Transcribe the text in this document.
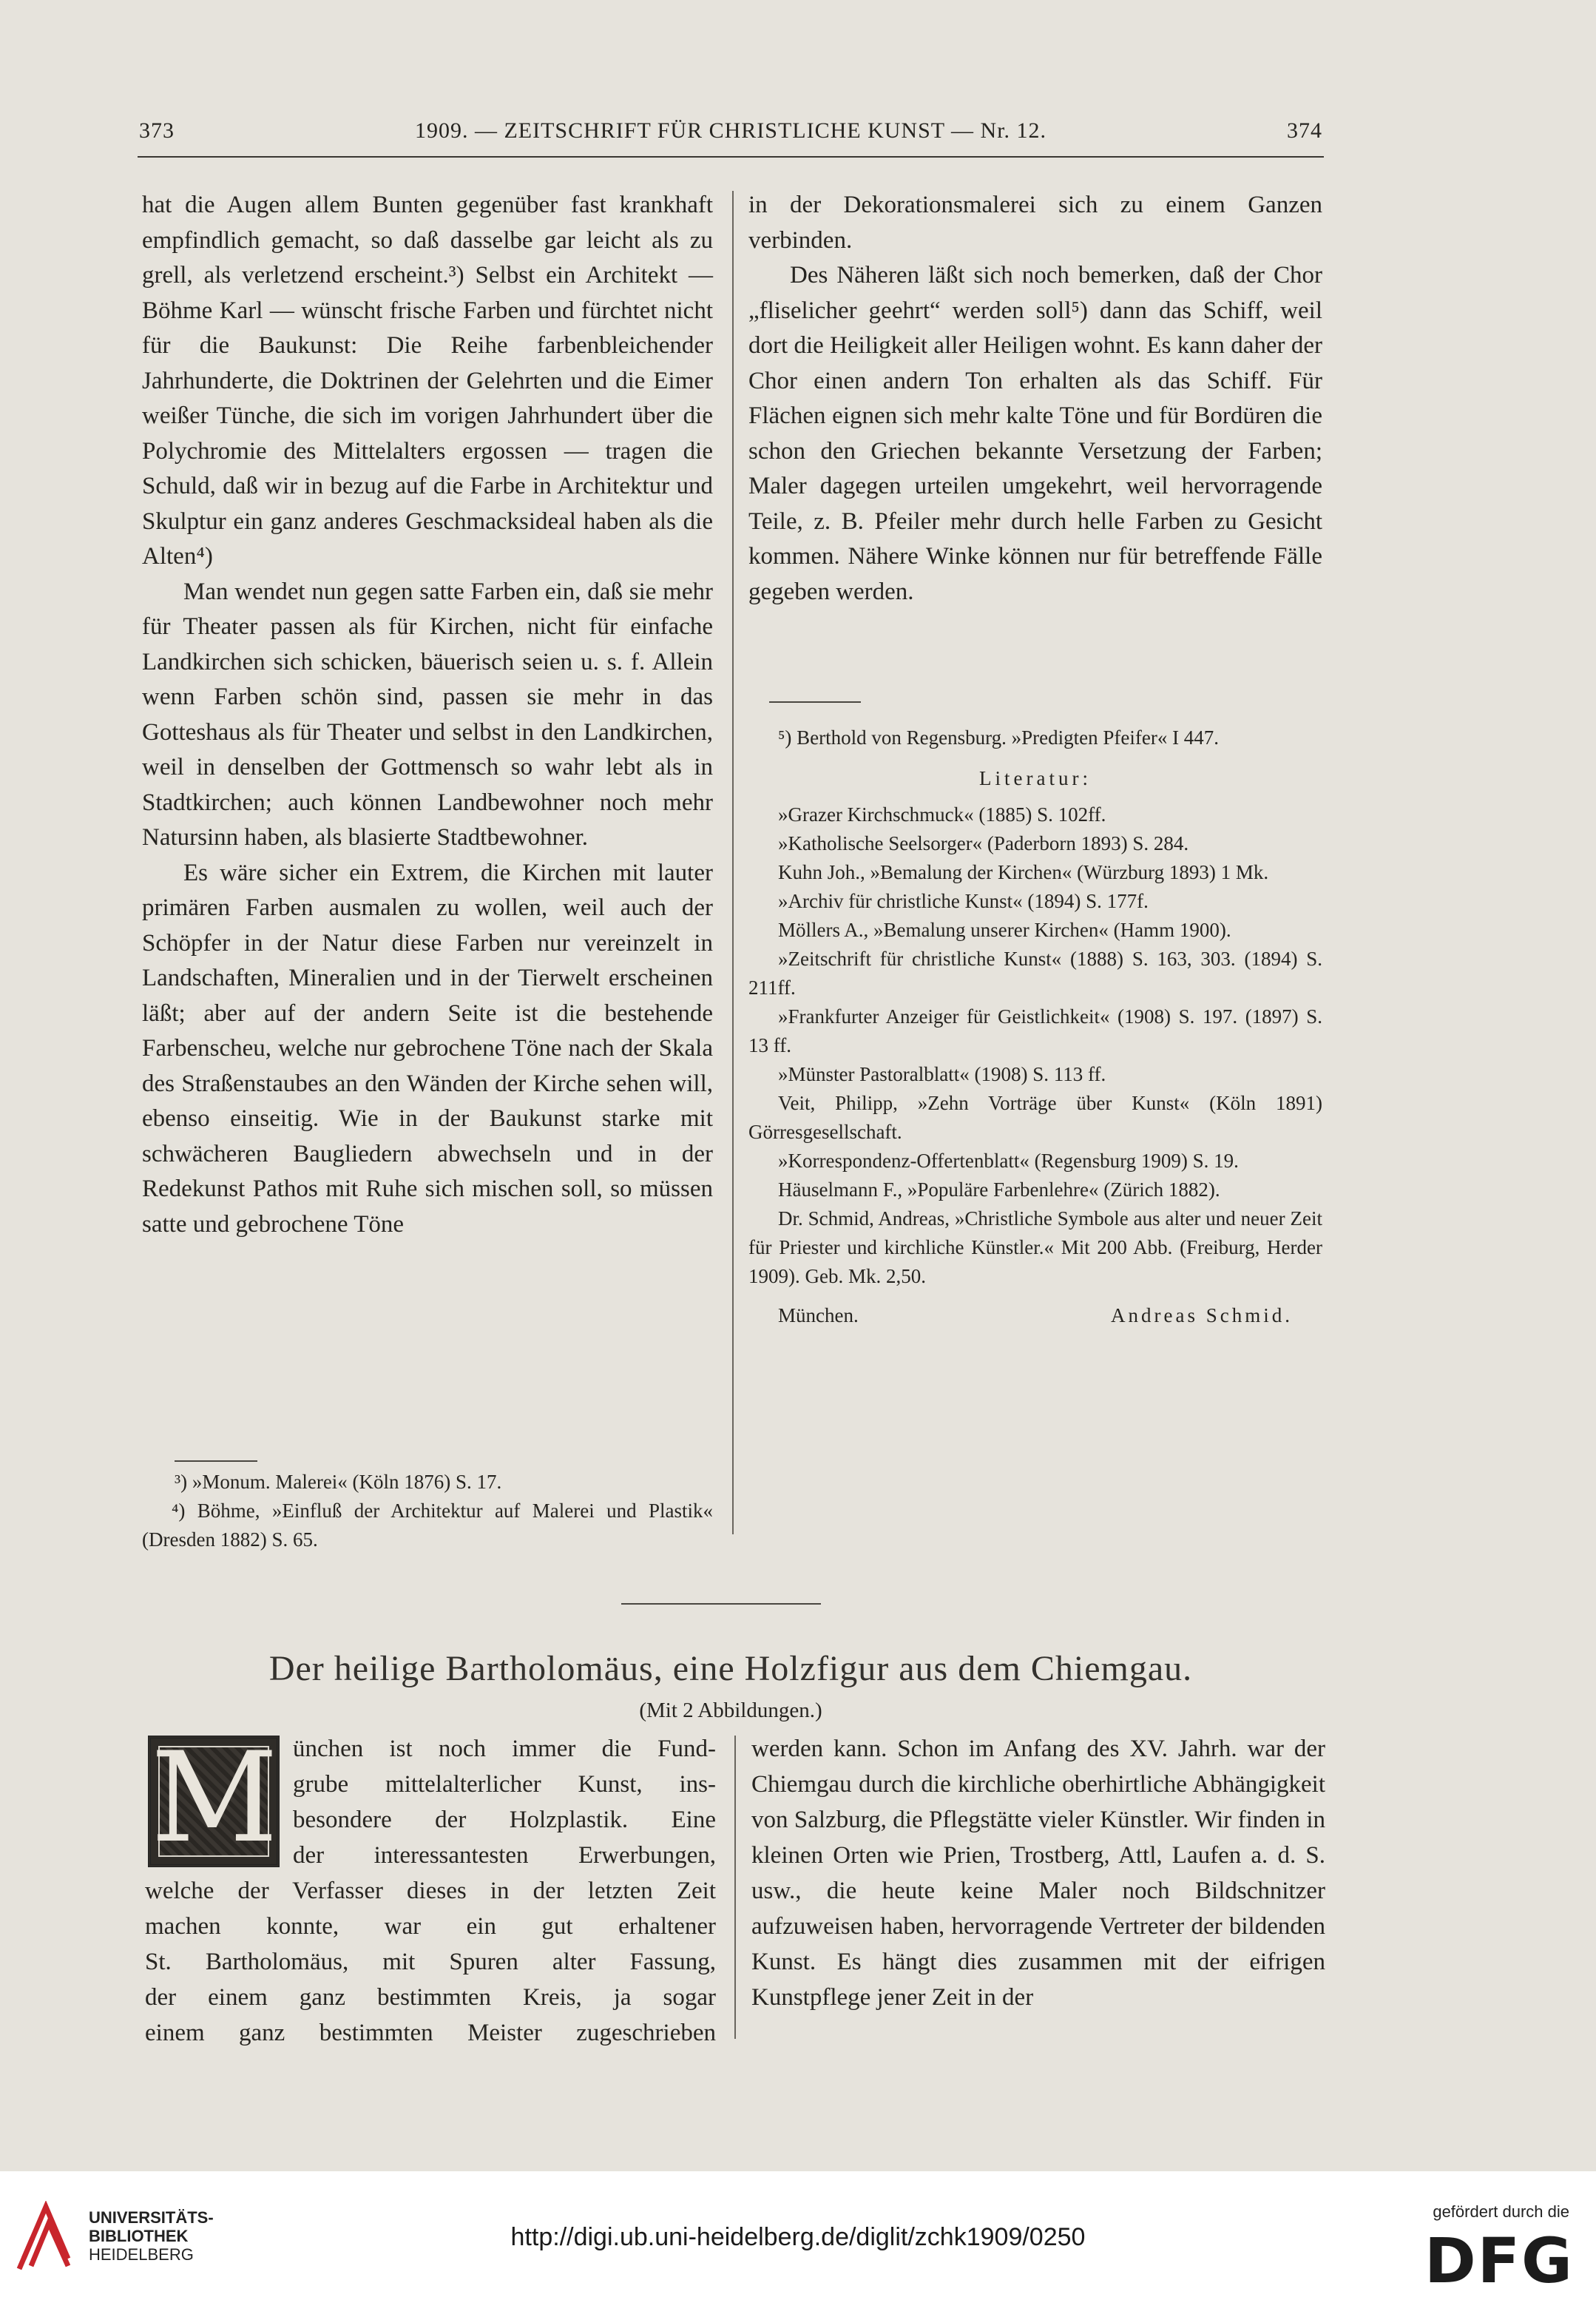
373	1909. — ZEITSCHRIFT FÜR CHRISTLICHE KUNST — Nr. 12.	374

hat die Augen allem Bunten gegenüber fast krankhaft empfindlich gemacht, so daß dasselbe gar leicht als zu grell, als verletzend erscheint.³) Selbst ein Architekt — Böhme Karl — wünscht frische Farben und fürchtet nicht für die Baukunst: Die Reihe farbenbleichender Jahrhunderte, die Doktrinen der Gelehrten und die Eimer weißer Tünche, die sich im vorigen Jahrhundert über die Polychromie des Mittelalters ergossen — tragen die Schuld, daß wir in bezug auf die Farbe in Architektur und Skulptur ein ganz anderes Geschmacksideal haben als die Alten⁴)

Man wendet nun gegen satte Farben ein, daß sie mehr für Theater passen als für Kirchen, nicht für einfache Landkirchen sich schicken, bäuerisch seien u. s. f. Allein wenn Farben schön sind, passen sie mehr in das Gotteshaus als für Theater und selbst in den Landkirchen, weil in denselben der Gottmensch so wahr lebt als in Stadtkirchen; auch können Landbewohner noch mehr Natursinn haben, als blasierte Stadtbewohner.

Es wäre sicher ein Extrem, die Kirchen mit lauter primären Farben ausmalen zu wollen, weil auch der Schöpfer in der Natur diese Farben nur vereinzelt in Landschaften, Mineralien und in der Tierwelt erscheinen läßt; aber auf der andern Seite ist die bestehende Farbenscheu, welche nur gebrochene Töne nach der Skala des Straßenstaubes an den Wänden der Kirche sehen will, ebenso einseitig. Wie in der Baukunst starke mit schwächeren Baugliedern abwechseln und in der Redekunst Pathos mit Ruhe sich mischen soll, so müssen satte und gebrochene Töne

³) »Monum. Malerei« (Köln 1876) S. 17.

⁴) Böhme, »Einfluß der Architektur auf Malerei und Plastik« (Dresden 1882) S. 65.

in der Dekorationsmalerei sich zu einem Ganzen verbinden.

Des Näheren läßt sich noch bemerken, daß der Chor „fliselicher geehrt“ werden soll⁵) dann das Schiff, weil dort die Heiligkeit aller Heiligen wohnt. Es kann daher der Chor einen andern Ton erhalten als das Schiff. Für Flächen eignen sich mehr kalte Töne und für Bordüren die schon den Griechen bekannte Versetzung der Farben; Maler dagegen urteilen umgekehrt, weil hervorragende Teile, z. B. Pfeiler mehr durch helle Farben zu Gesicht kommen. Nähere Winke können nur für betreffende Fälle gegeben werden.

⁵) Berthold von Regensburg. »Predigten Pfeifer« I 447.

Literatur:

»Grazer Kirchschmuck« (1885) S. 102ff.

»Katholische Seelsorger« (Paderborn 1893) S. 284.

Kuhn Joh., »Bemalung der Kirchen« (Würzburg 1893) 1 Mk.

»Archiv für christliche Kunst« (1894) S. 177f.

Möllers A., »Bemalung unserer Kirchen« (Hamm 1900).

»Zeitschrift für christliche Kunst« (1888) S. 163, 303. (1894) S. 211ff.

»Frankfurter Anzeiger für Geistlichkeit« (1908) S. 197. (1897) S. 13 ff.

»Münster Pastoralblatt« (1908) S. 113 ff.

Veit, Philipp, »Zehn Vorträge über Kunst« (Köln 1891) Görresgesellschaft.

»Korrespondenz-Offertenblatt« (Regensburg 1909) S. 19.

Häuselmann F., »Populäre Farbenlehre« (Zürich 1882).

Dr. Schmid, Andreas, »Christliche Symbole aus alter und neuer Zeit für Priester und kirchliche Künstler.« Mit 200 Abb. (Freiburg, Herder 1909). Geb. Mk. 2,50.

München.	Andreas Schmid.

Der heilige Bartholomäus, eine Holzfigur aus dem Chiemgau.
(Mit 2 Abbildungen.)
M ünchen ist noch immer die Fund-
grube mittelalterlicher Kunst, ins-
besondere der Holzplastik. Eine
der interessantesten Erwerbungen,
welche der Verfasser dieses in der letzten Zeit
machen konnte, war ein gut erhaltener
St. Bartholomäus, mit Spuren alter Fassung,
der einem ganz bestimmten Kreis, ja sogar
einem ganz bestimmten Meister zugeschrieben

werden kann. Schon im Anfang des XV. Jahrh. war der Chiemgau durch die kirchliche oberhirtliche Abhängigkeit von Salzburg, die Pflegstätte vieler Künstler. Wir finden in kleinen Orten wie Prien, Trostberg, Attl, Laufen a. d. S. usw., die heute keine Maler noch Bildschnitzer aufzuweisen haben, hervorragende Vertreter der bildenden Kunst. Es hängt dies zusammen mit der eifrigen Kunstpflege jener Zeit in der

UNIVERSITÄTS-
BIBLIOTHEK
HEIDELBERG
http://digi.ub.uni-heidelberg.de/diglit/zchk1909/0250
gefördert durch die
DFG
